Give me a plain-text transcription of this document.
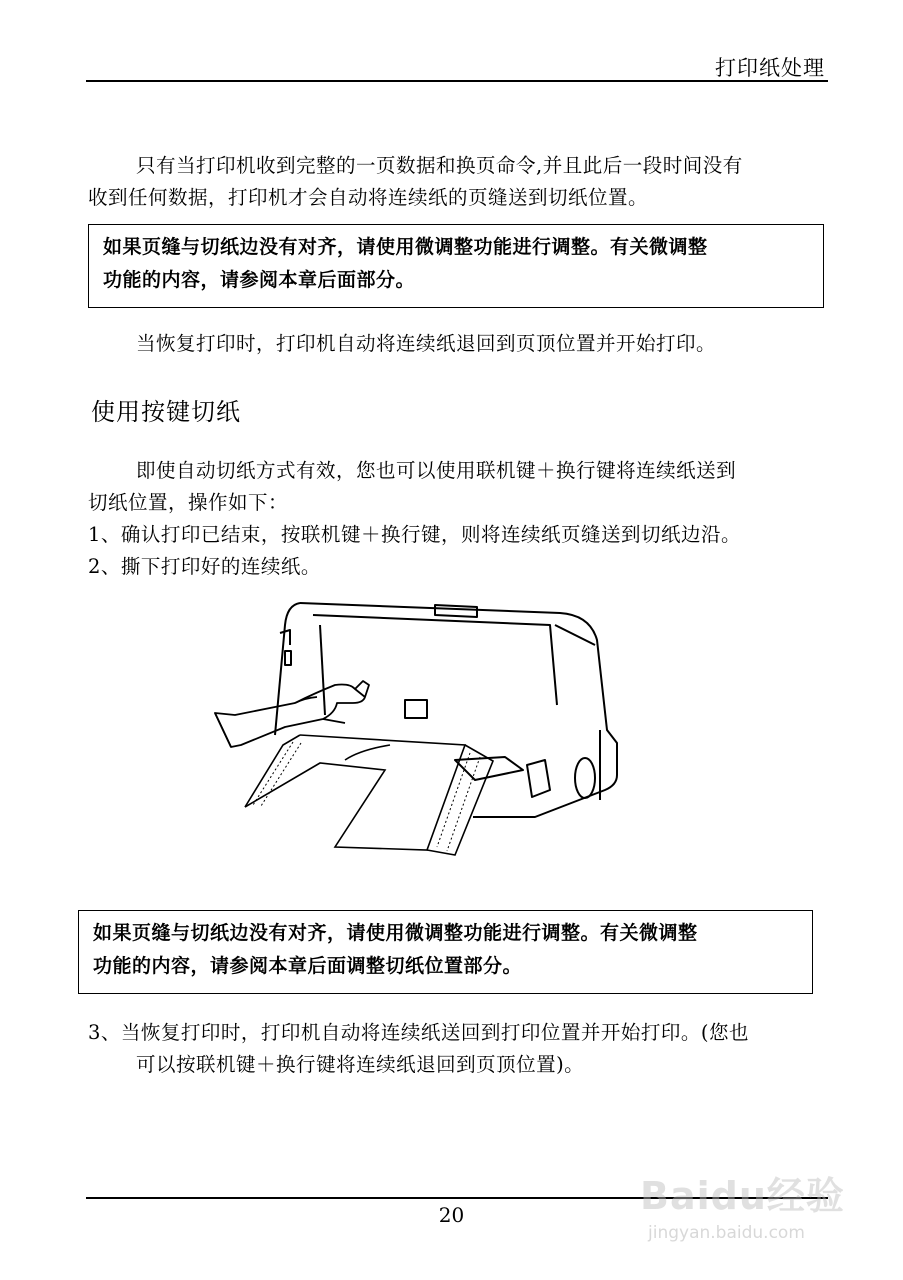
打印纸处理
只有当打印机收到完整的一页数据和换页命令,并且此后一段时间没有
收到任何数据，打印机才会自动将连续纸的页缝送到切纸位置。
如果页缝与切纸边没有对齐，请使用微调整功能进行调整。有关微调整
功能的内容，请参阅本章后面部分。
当恢复打印时，打印机自动将连续纸退回到页顶位置并开始打印。
使用按键切纸
即使自动切纸方式有效，您也可以使用联机键＋换行键将连续纸送到
切纸位置，操作如下：
1、确认打印已结束，按联机键＋换行键，则将连续纸页缝送到切纸边沿。
2、撕下打印好的连续纸。
如果页缝与切纸边没有对齐，请使用微调整功能进行调整。有关微调整
功能的内容，请参阅本章后面调整切纸位置部分。
3、当恢复打印时，打印机自动将连续纸送回到打印位置并开始打印。(您也
可以按联机键＋换行键将连续纸退回到页顶位置)。
20	Baidu经验
jingyan.baidu.com
